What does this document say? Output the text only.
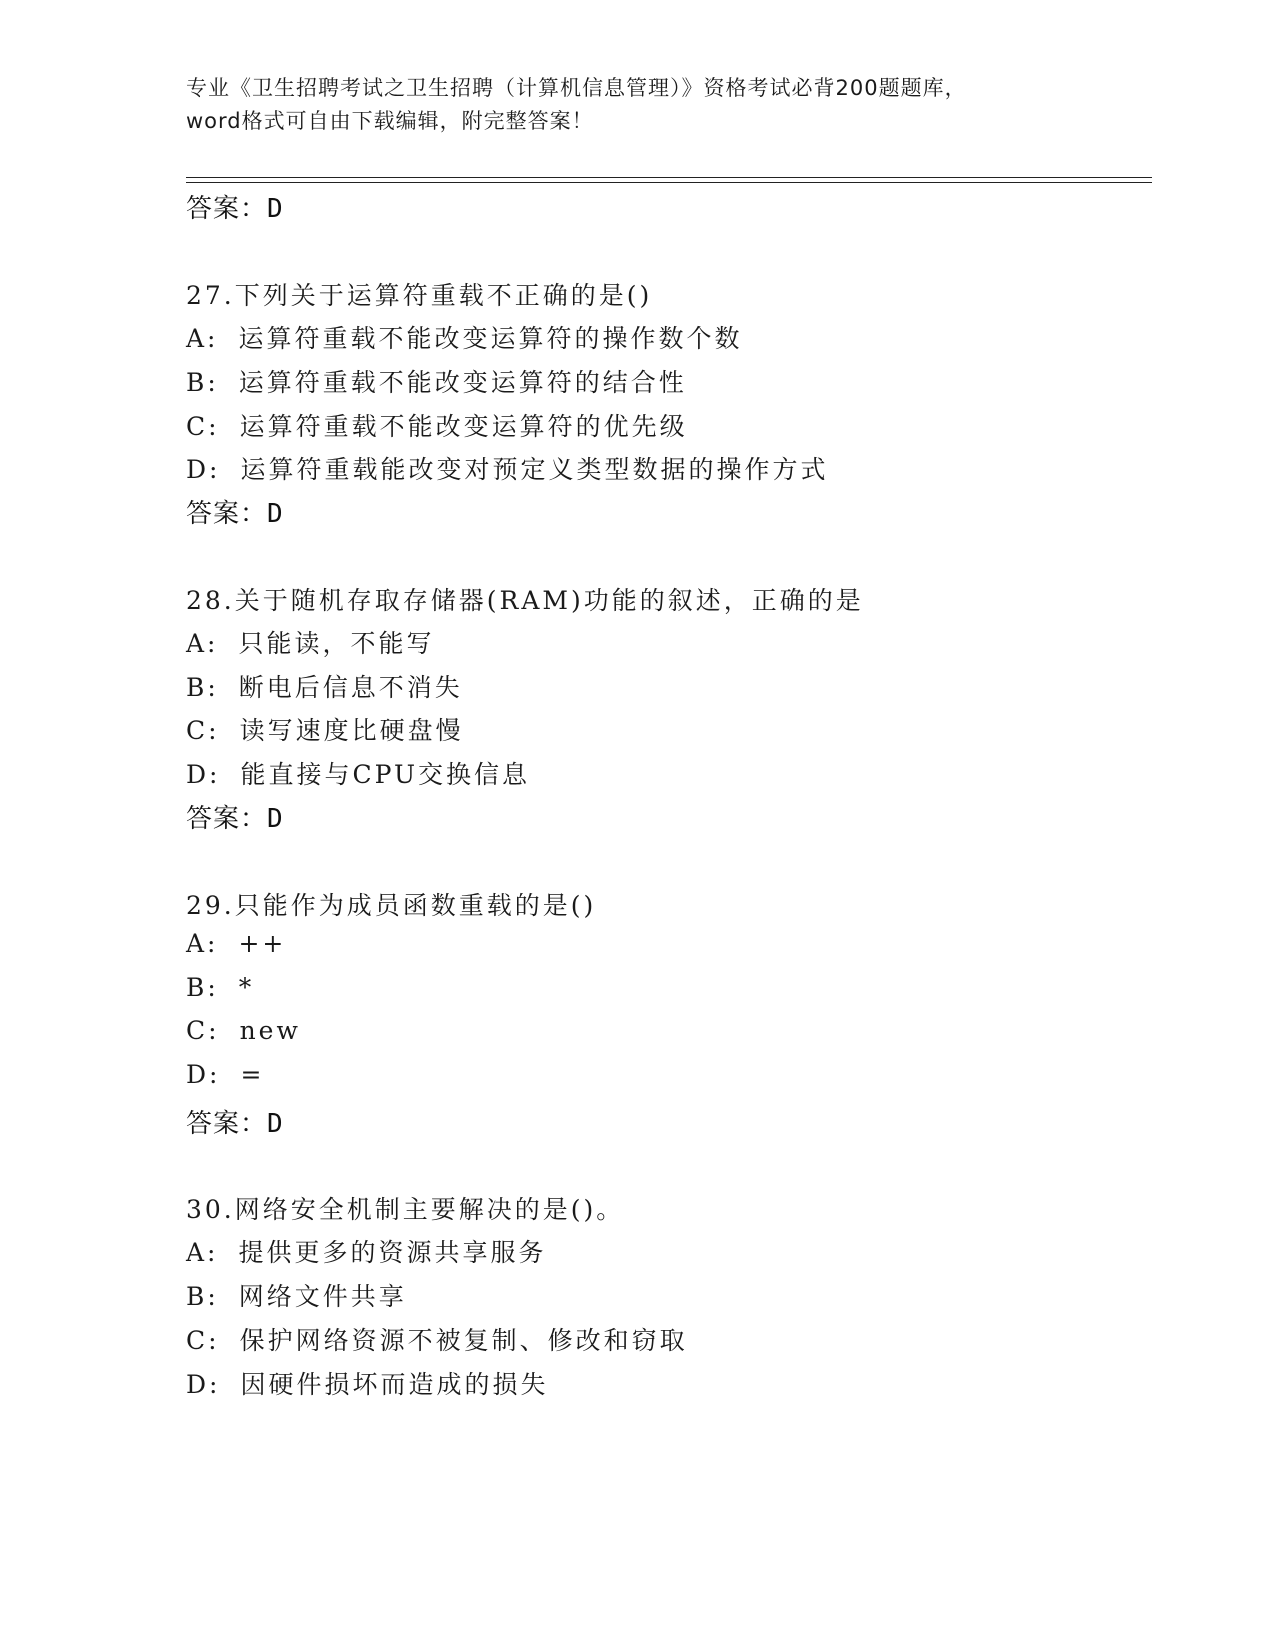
专业《卫生招聘考试之卫生招聘（计算机信息管理）》资格考试必背200题题库，
word格式可自由下载编辑，附完整答案！
答案：D
27.下列关于运算符重载不正确的是()
A: 运算符重载不能改变运算符的操作数个数
B: 运算符重载不能改变运算符的结合性
C: 运算符重载不能改变运算符的优先级
D: 运算符重载能改变对预定义类型数据的操作方式
答案：D
28.关于随机存取存储器(RAM)功能的叙述，正确的是
A: 只能读，不能写
B: 断电后信息不消失
C: 读写速度比硬盘慢
D: 能直接与CPU交换信息
答案：D
29.只能作为成员函数重载的是()
A: ++
B: *
C: new
D: =
答案：D
30.网络安全机制主要解决的是()。
A: 提供更多的资源共享服务
B: 网络文件共享
C: 保护网络资源不被复制、修改和窃取
D: 因硬件损坏而造成的损失
